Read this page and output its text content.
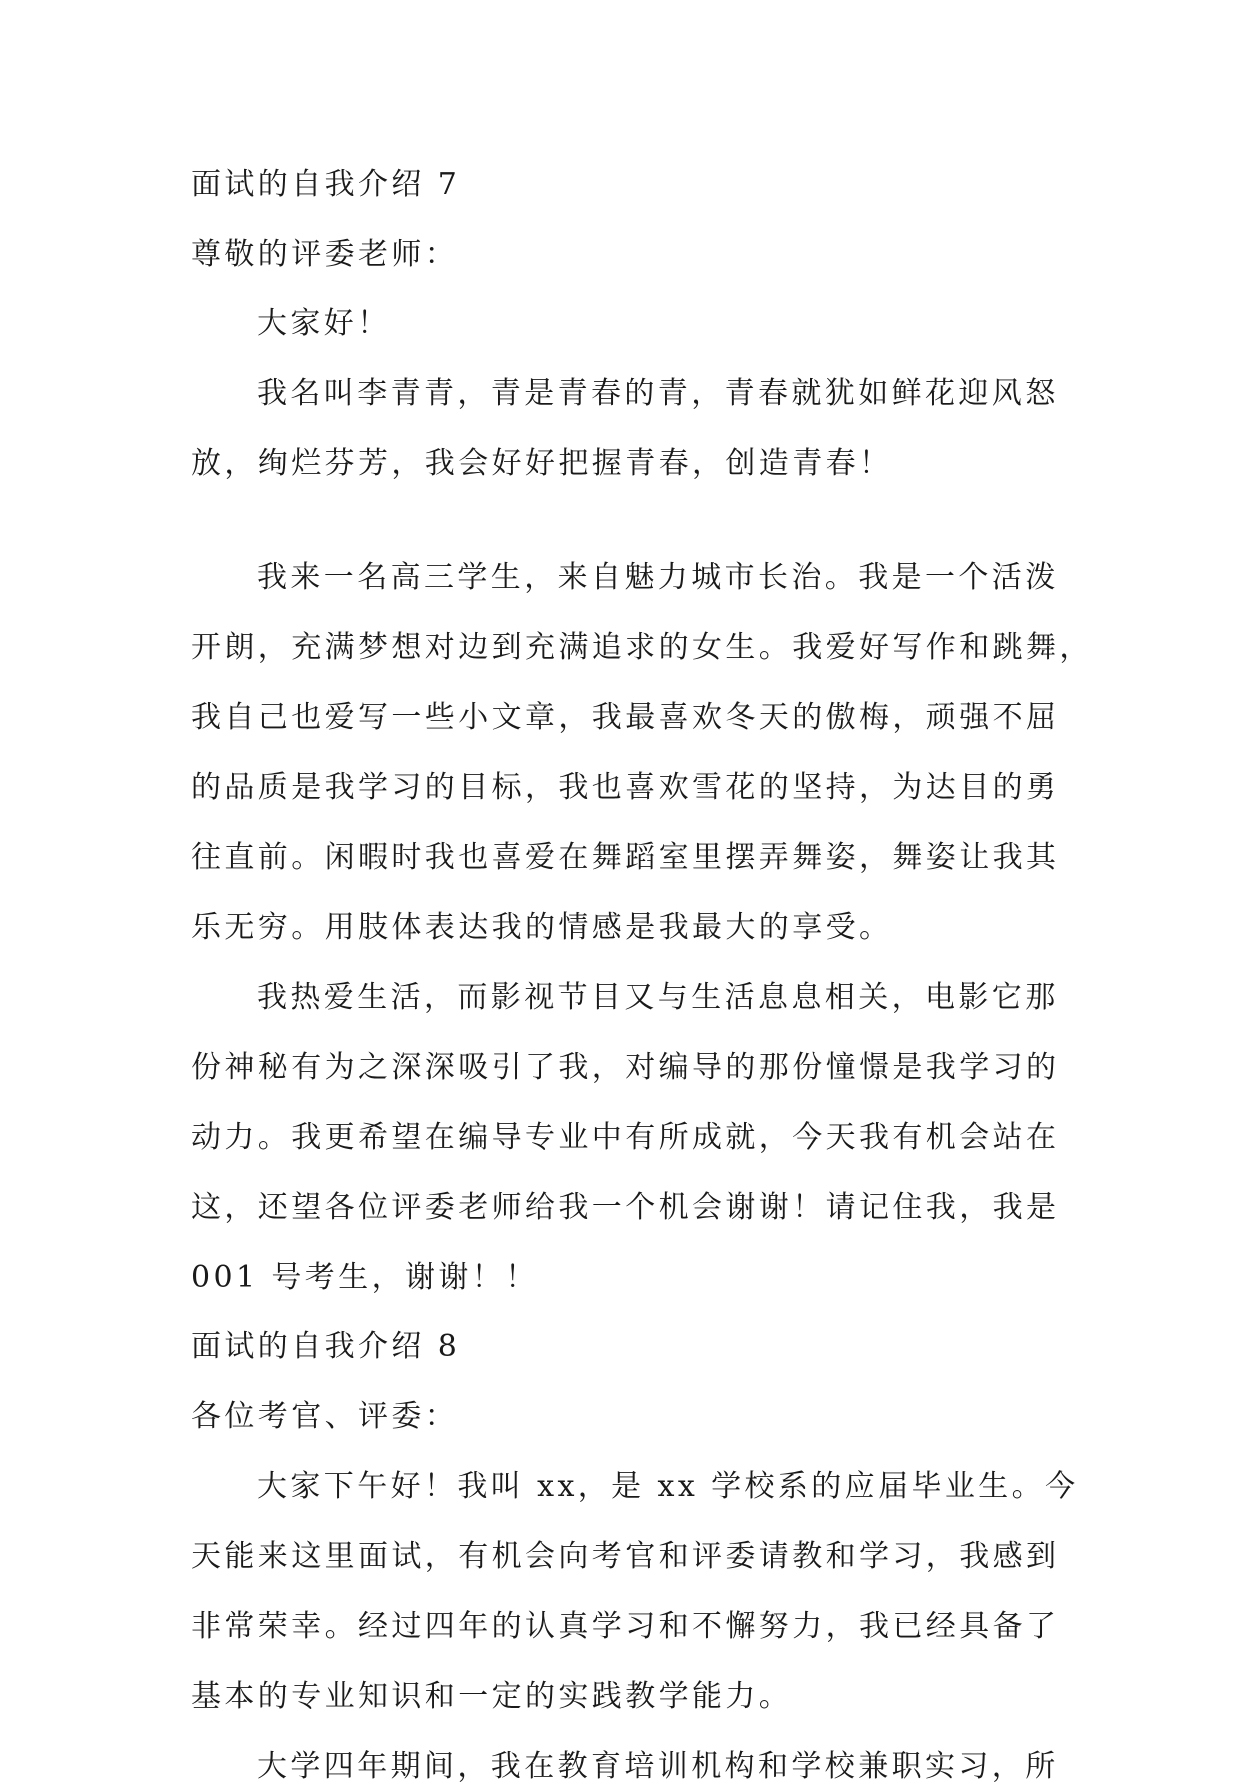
面试的自我介绍 7
尊敬的评委老师：
大家好！
我名叫李青青，青是青春的青，青春就犹如鲜花迎风怒
放，绚烂芬芳，我会好好把握青春，创造青春！
我来一名高三学生，来自魅力城市长治。我是一个活泼
开朗，充满梦想对边到充满追求的女生。我爱好写作和跳舞，
我自己也爱写一些小文章，我最喜欢冬天的傲梅，顽强不屈
的品质是我学习的目标，我也喜欢雪花的坚持，为达目的勇
往直前。闲暇时我也喜爱在舞蹈室里摆弄舞姿，舞姿让我其
乐无穷。用肢体表达我的情感是我最大的享受。
我热爱生活，而影视节目又与生活息息相关，电影它那
份神秘有为之深深吸引了我，对编导的那份憧憬是我学习的
动力。我更希望在编导专业中有所成就，今天我有机会站在
这，还望各位评委老师给我一个机会谢谢！请记住我，我是
001 号考生，谢谢！！
面试的自我介绍 8
各位考官、评委：
大家下午好！我叫 xx，是 xx 学校系的应届毕业生。今
天能来这里面试，有机会向考官和评委请教和学习，我感到
非常荣幸。经过四年的认真学习和不懈努力，我已经具备了
基本的专业知识和一定的实践教学能力。
大学四年期间，我在教育培训机构和学校兼职实习，所
